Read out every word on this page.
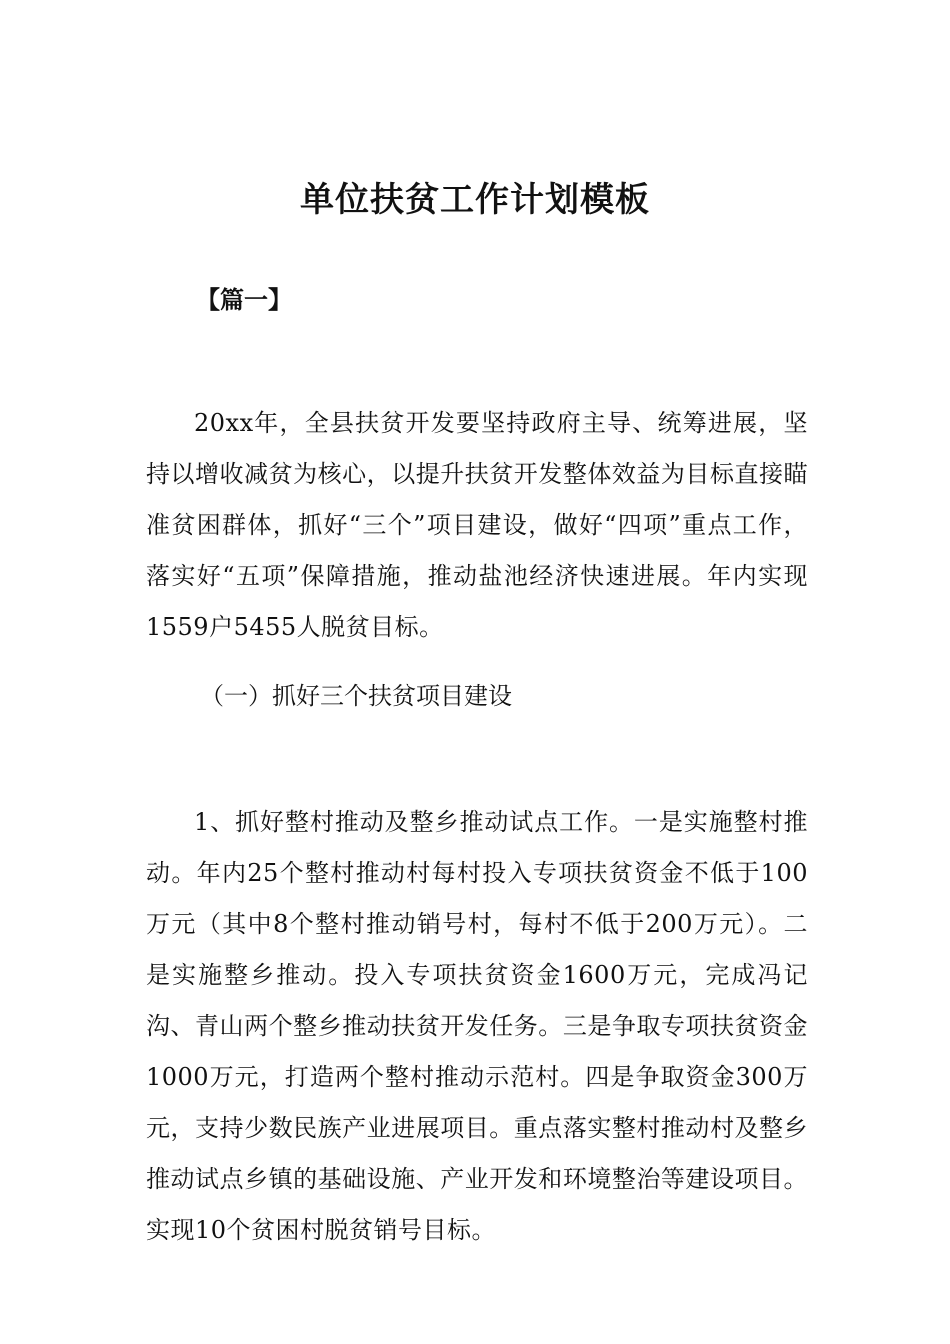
单位扶贫工作计划模板
【篇一】

20xx年，全县扶贫开发要坚持政府主导、统筹进展，坚持以增收减贫为核心，以提升扶贫开发整体效益为目标直接瞄准贫困群体，抓好“三个”项目建设，做好“四项”重点工作，落实好“五项”保障措施，推动盐池经济快速进展。年内实现1559户5455人脱贫目标。

（一）抓好三个扶贫项目建设

1、抓好整村推动及整乡推动试点工作。一是实施整村推动。年内25个整村推动村每村投入专项扶贫资金不低于100万元（其中8个整村推动销号村，每村不低于200万元）。二是实施整乡推动。投入专项扶贫资金1600万元，完成冯记沟、青山两个整乡推动扶贫开发任务。三是争取专项扶贫资金1000万元，打造两个整村推动示范村。四是争取资金300万元，支持少数民族产业进展项目。重点落实整村推动村及整乡推动试点乡镇的基础设施、产业开发和环境整治等建设项目。实现10个贫困村脱贫销号目标。
